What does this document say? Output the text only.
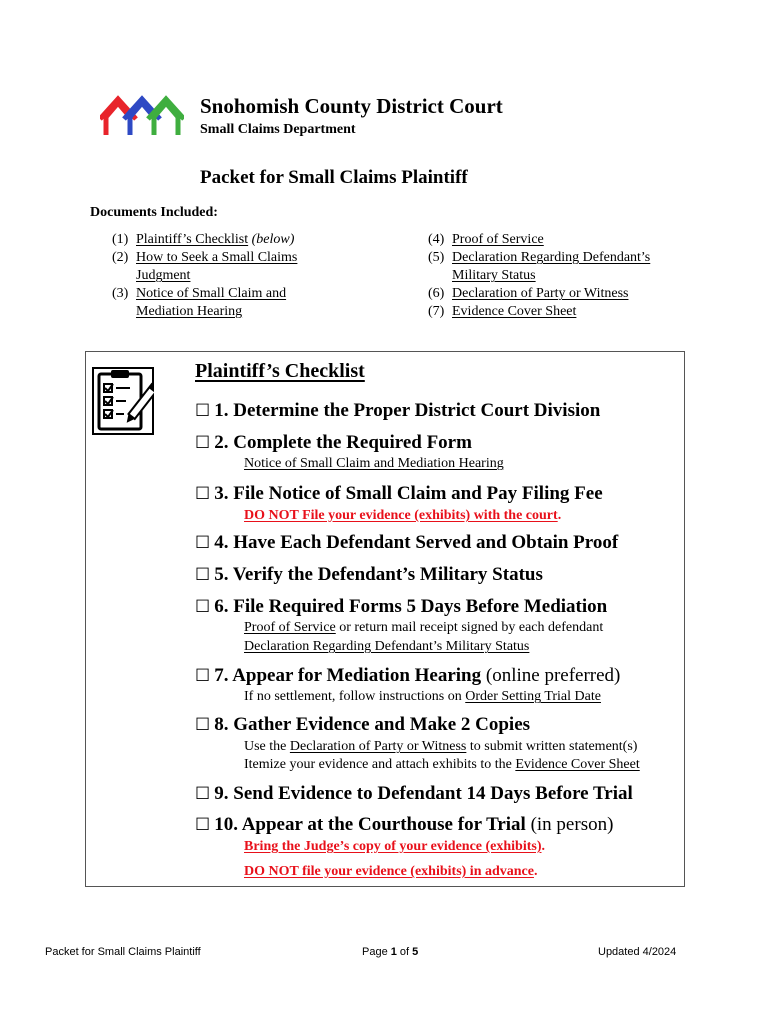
Snohomish County District Court
Small Claims Department
Packet for Small Claims Plaintiff
Documents Included:
(1) Plaintiff’s Checklist (below)
(2) How to Seek a Small Claims Judgment
(3) Notice of Small Claim and Mediation Hearing
(4) Proof of Service
(5) Declaration Regarding Defendant’s Military Status
(6) Declaration of Party or Witness
(7) Evidence Cover Sheet
Plaintiff’s Checklist
☐ 1. Determine the Proper District Court Division
☐ 2. Complete the Required Form
Notice of Small Claim and Mediation Hearing
☐ 3. File Notice of Small Claim and Pay Filing Fee
DO NOT File your evidence (exhibits) with the court.
☐ 4. Have Each Defendant Served and Obtain Proof
☐ 5. Verify the Defendant’s Military Status
☐ 6. File Required Forms 5 Days Before Mediation
Proof of Service or return mail receipt signed by each defendant
Declaration Regarding Defendant’s Military Status
☐ 7. Appear for Mediation Hearing (online preferred)
If no settlement, follow instructions on Order Setting Trial Date
☐ 8. Gather Evidence and Make 2 Copies
Use the Declaration of Party or Witness to submit written statement(s)
Itemize your evidence and attach exhibits to the Evidence Cover Sheet
☐ 9. Send Evidence to Defendant 14 Days Before Trial
☐ 10. Appear at the Courthouse for Trial (in person)
Bring the Judge’s copy of your evidence (exhibits).
DO NOT file your evidence (exhibits) in advance.
Packet for Small Claims Plaintiff	Page 1 of 5	Updated 4/2024
